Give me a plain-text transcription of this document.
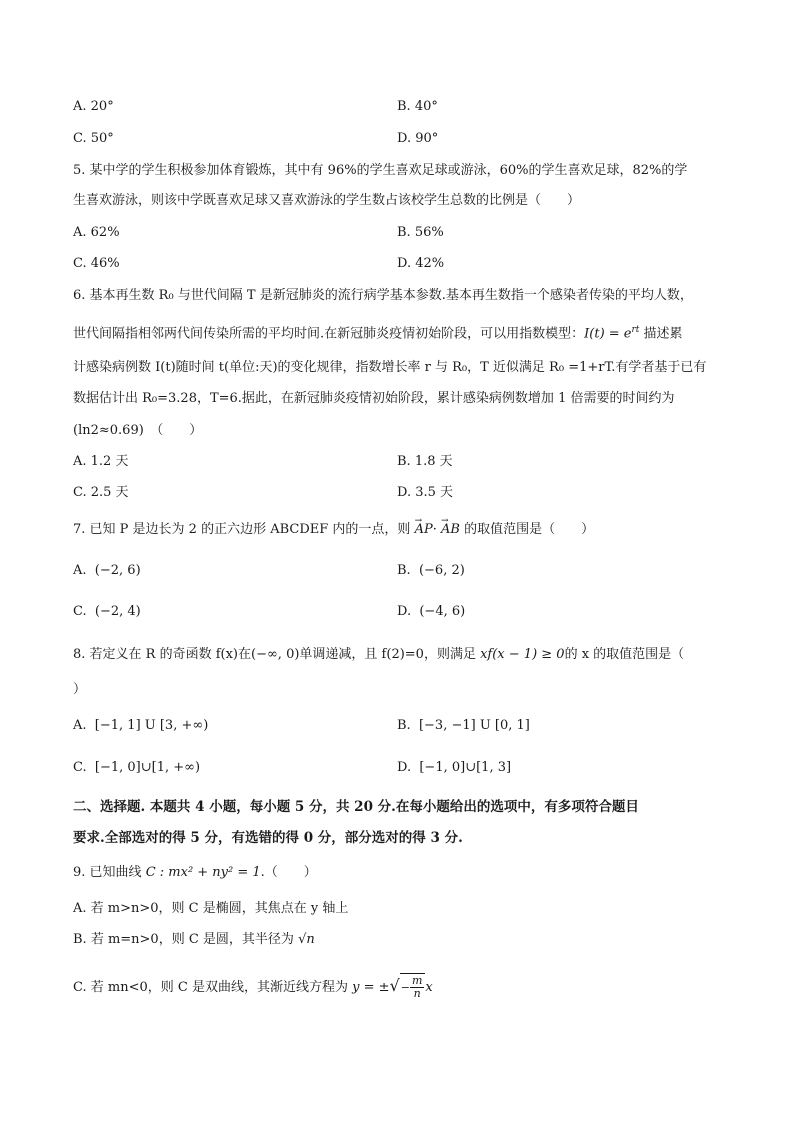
A. 20°	B. 40°
C. 50°	D. 90°
5. 某中学的学生积极参加体育锻炼，其中有 96%的学生喜欢足球或游泳，60%的学生喜欢足球，82%的学
生喜欢游泳，则该中学既喜欢足球又喜欢游泳的学生数占该校学生总数的比例是（　　）
A. 62%	B. 56%
C. 46%	D. 42%
6. 基本再生数 R₀ 与世代间隔 T 是新冠肺炎的流行病学基本参数.基本再生数指一个感染者传染的平均人数，
世代间隔指相邻两代间传染所需的平均时间.在新冠肺炎疫情初始阶段，可以用指数模型：$I(t) = e^{rt}$ 描述累
计感染病例数 I(t)随时间 t(单位:天)的变化规律，指数增长率 r 与 R₀，T 近似满足 R₀ =1+rT.有学者基于已有
数据估计出 R₀=3.28，T=6.据此，在新冠肺炎疫情初始阶段，累计感染病例数增加 1 倍需要的时间约为
(ln2≈0.69)　（　　）
A. 1.2 天	B. 1.8 天
C. 2.5 天	D. 3.5 天
7. 已知 P 是边长为 2 的正六边形 ABCDEF 内的一点，则 → AP· → AB 的取值范围是（　　）
A. (−2, 6)	B. (−6, 2)
C. (−2, 4)	D. (−4, 6)
8. 若定义在 R 的奇函数 f(x)在(−∞, 0)单调递减，且 f(2)=0，则满足 xf(x − 1) ≥ 0的 x 的取值范围是（
）
A. [−1, 1] U [3, +∞)	B. [−3, −1] U [0, 1]
C. [−1, 0]∪[1, +∞)	D. [−1, 0]∪[1, 3]
二、选择题. 本题共 4 小题，每小题 5 分，共 20 分.在每小题给出的选项中，有多项符合题目
要求.全部选对的得 5 分，有选错的得 0 分，部分选对的得 3 分.
9. 已知曲线 C : mx² + ny² = 1.（　　）
A. 若 m>n>0，则 C 是椭圆，其焦点在 y 轴上
B. 若 m=n>0，则 C 是圆，其半径为 √n
C. 若 mn<0，则 C 是双曲线，其渐近线方程为 y = ±√− $\frac{m}{n}$ x
